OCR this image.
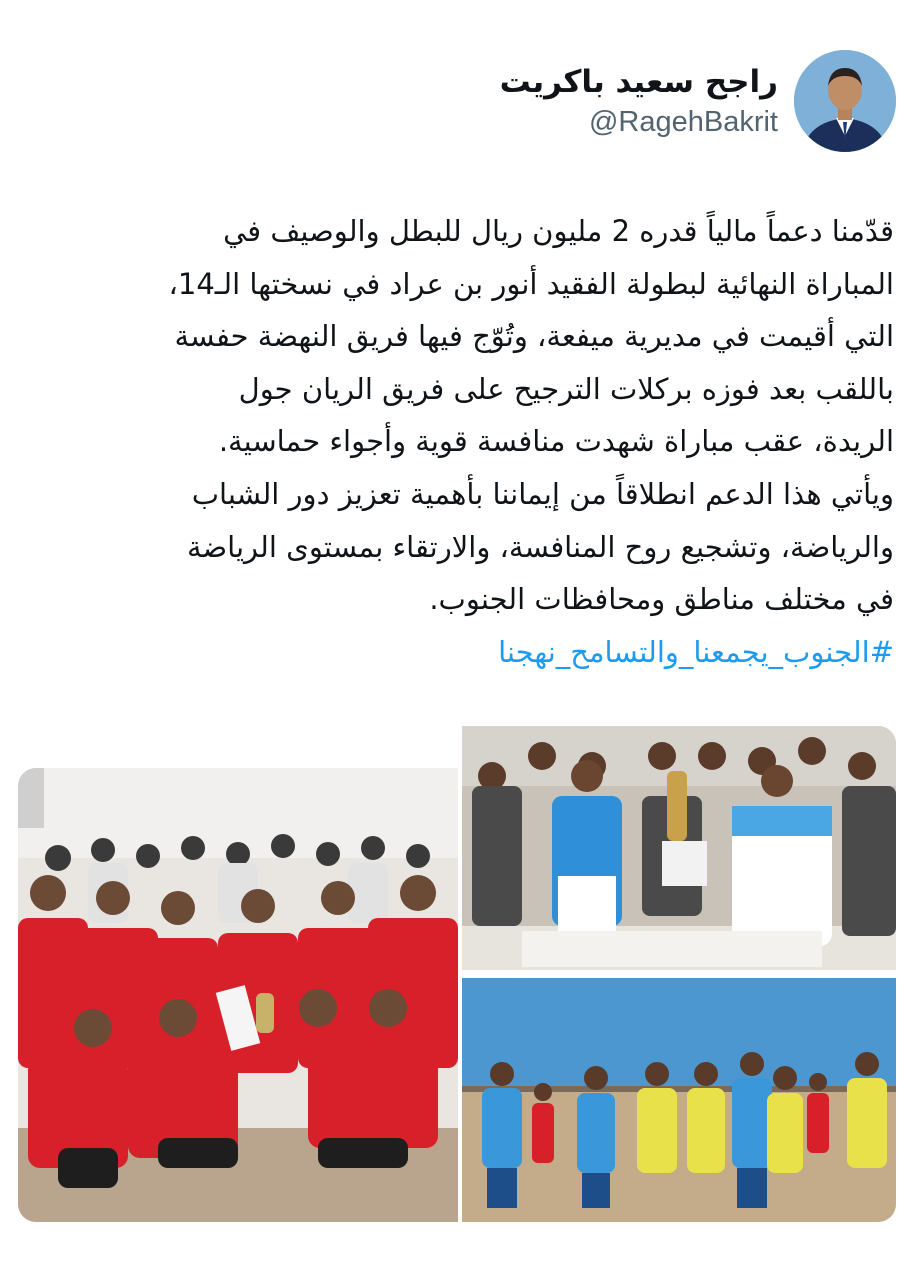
راجح سعيد باكريت
@RagehBakrit

قدّمنا دعماً مالياً قدره 2 مليون ريال للبطل والوصيف في

المباراة النهائية لبطولة الفقيد أنور بن عراد في نسختها الـ14،

التي أقيمت في مديرية ميفعة، وتُوّج فيها فريق النهضة حفسة

باللقب بعد فوزه بركلات الترجيح على فريق الريان جول

الريدة، عقب مباراة شهدت منافسة قوية وأجواء حماسية.

ويأتي هذا الدعم انطلاقاً من إيماننا بأهمية تعزيز دور الشباب

والرياضة، وتشجيع روح المنافسة، والارتقاء بمستوى الرياضة

في مختلف مناطق ومحافظات الجنوب.

#الجنوب_يجمعنا_والتسامح_نهجنا
